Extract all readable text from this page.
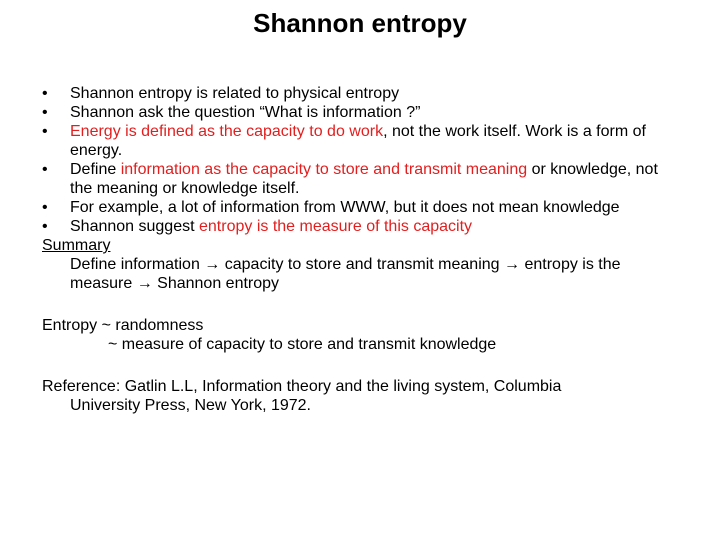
Shannon entropy
•	Shannon entropy is related to physical entropy
•	Shannon ask the question “What is information ?”
•	Energy is defined as the capacity to do work, not the work itself. Work is a form of energy.
•	Define information as the capacity to store and transmit meaning or knowledge, not the meaning or knowledge itself.
•	For example, a lot of information from WWW, but it does not mean knowledge
•	Shannon suggest entropy is the measure of this capacity
Summary
Define information → capacity to store and transmit meaning → entropy is the measure → Shannon entropy
Entropy ~ randomness
~ measure of capacity to store and transmit knowledge
Reference: Gatlin L.L, Information theory and the living system, Columbia
University Press, New York, 1972.
